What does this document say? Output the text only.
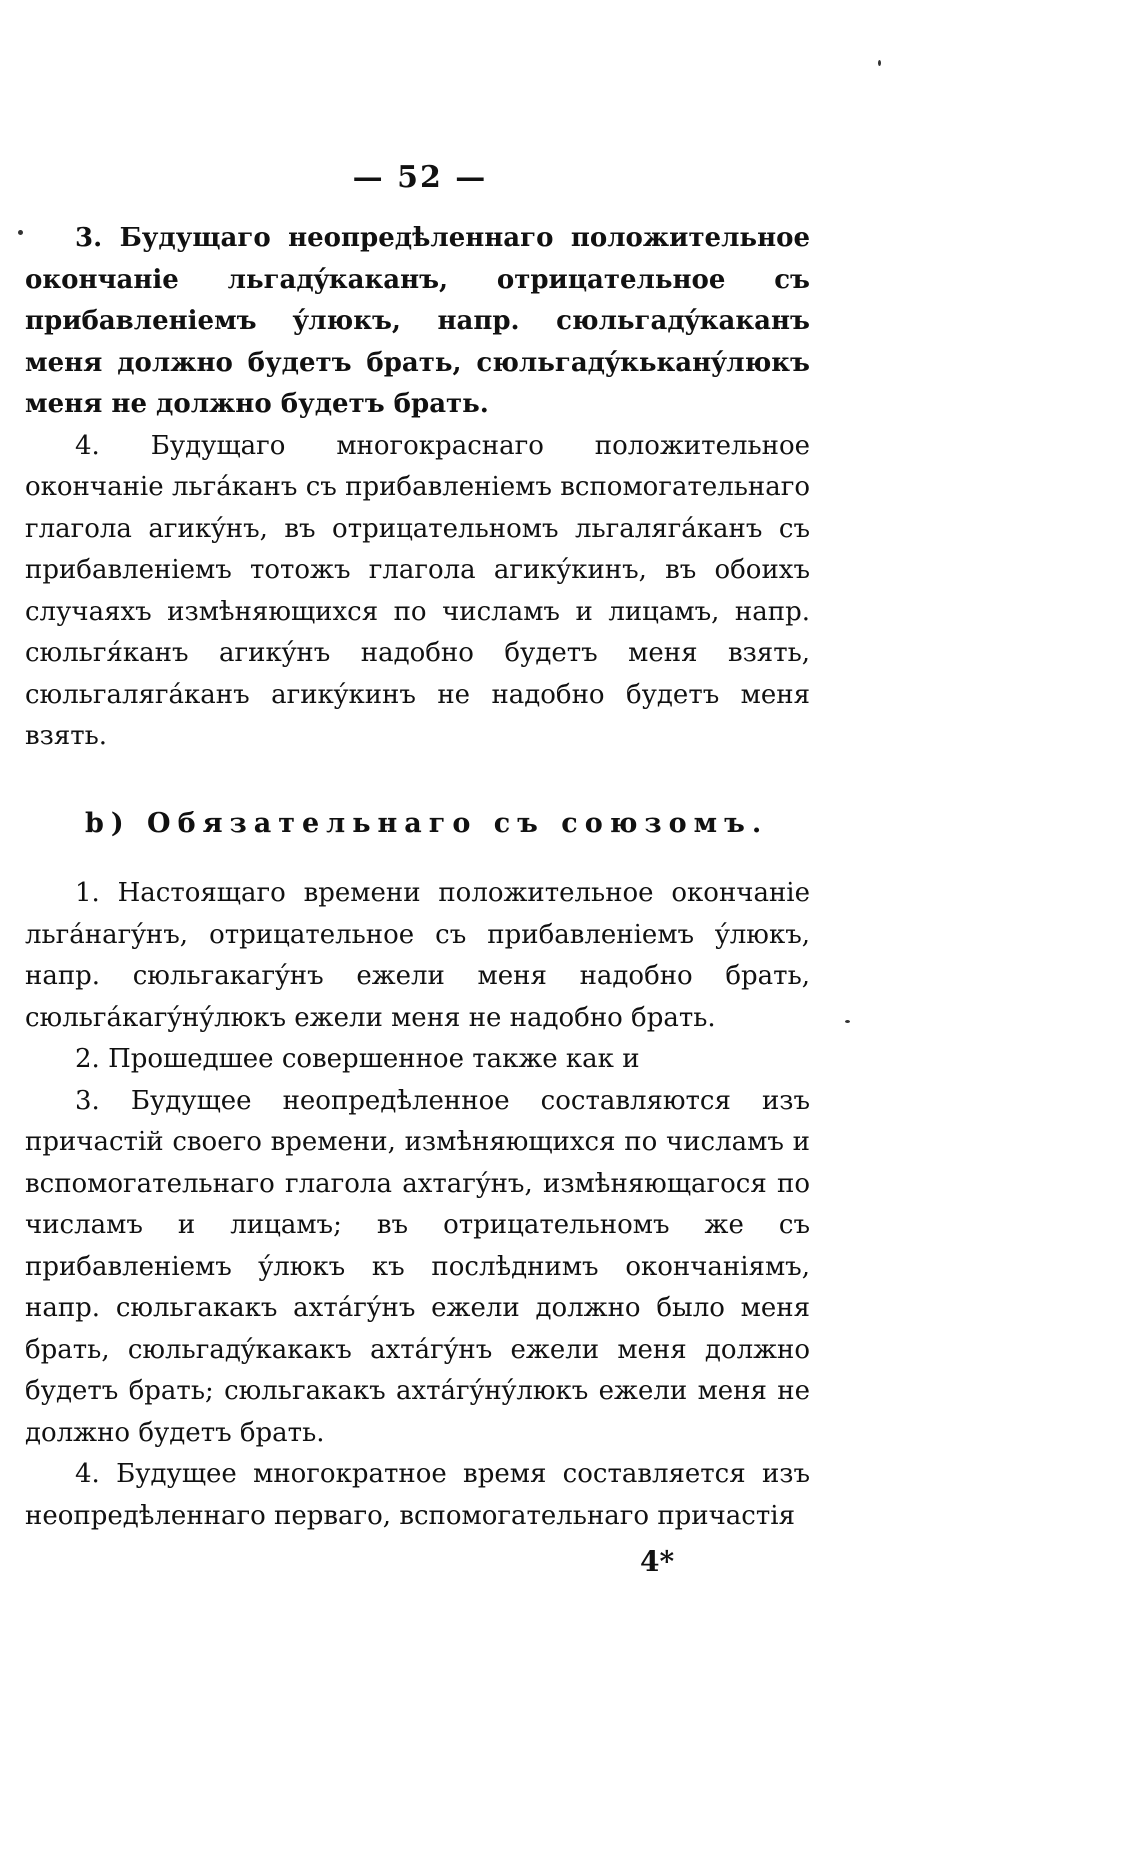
— 52 —

3. Будущаго неопредѣленнаго положительное окончаніе льгадýкаканъ, отрицательное съ прибавленіемъ ýлюкъ, напр. сюльгадýкаканъ меня должно будетъ брать, сюльгадýкьканýлюкъ меня не должно будетъ брать.

4. Будущаго многокраснаго положительное окончаніе льга́канъ съ прибавленіемъ вспомогательнаго глагола агикýнъ, въ отрицательномъ льгалягáканъ съ прибавленіемъ тотожъ глагола агикýкинъ, въ обоихъ случаяхъ измѣняющихся по числамъ и лицамъ, напр. сюльгя́канъ агикýнъ надобно будетъ меня взять, сюльгалягáканъ агикýкинъ не надобно будетъ меня взять.

b) Обязательнаго съ союзомъ.

1. Настоящаго времени положительное окончаніе льгáнагýнъ, отрицательное съ прибавленіемъ ýлюкъ, напр. сюльгакагýнъ ежели меня надобно брать, сюльгáкагýнýлюкъ ежели меня не надобно брать.

2. Прошедшее совершенное также как и

3. Будущее неопредѣленное составляются изъ причастій своего времени, измѣняющихся по числамъ и вспомогательнаго глагола ахтагýнъ, измѣняющагося по числамъ и лицамъ; въ отрицательномъ же съ прибавленіемъ ýлюкъ къ послѣднимъ окончаніямъ, напр. сюльгакакъ ахтáгýнъ ежели должно было меня брать, сюльгадýкакакъ ахтáгýнъ ежели меня должно будетъ брать; сюльгакакъ ахтáгýнýлюкъ ежели меня не должно будетъ брать.

4. Будущее многократное время составляется изъ неопредѣленнаго перваго, вспомогательнаго причастія

4*
